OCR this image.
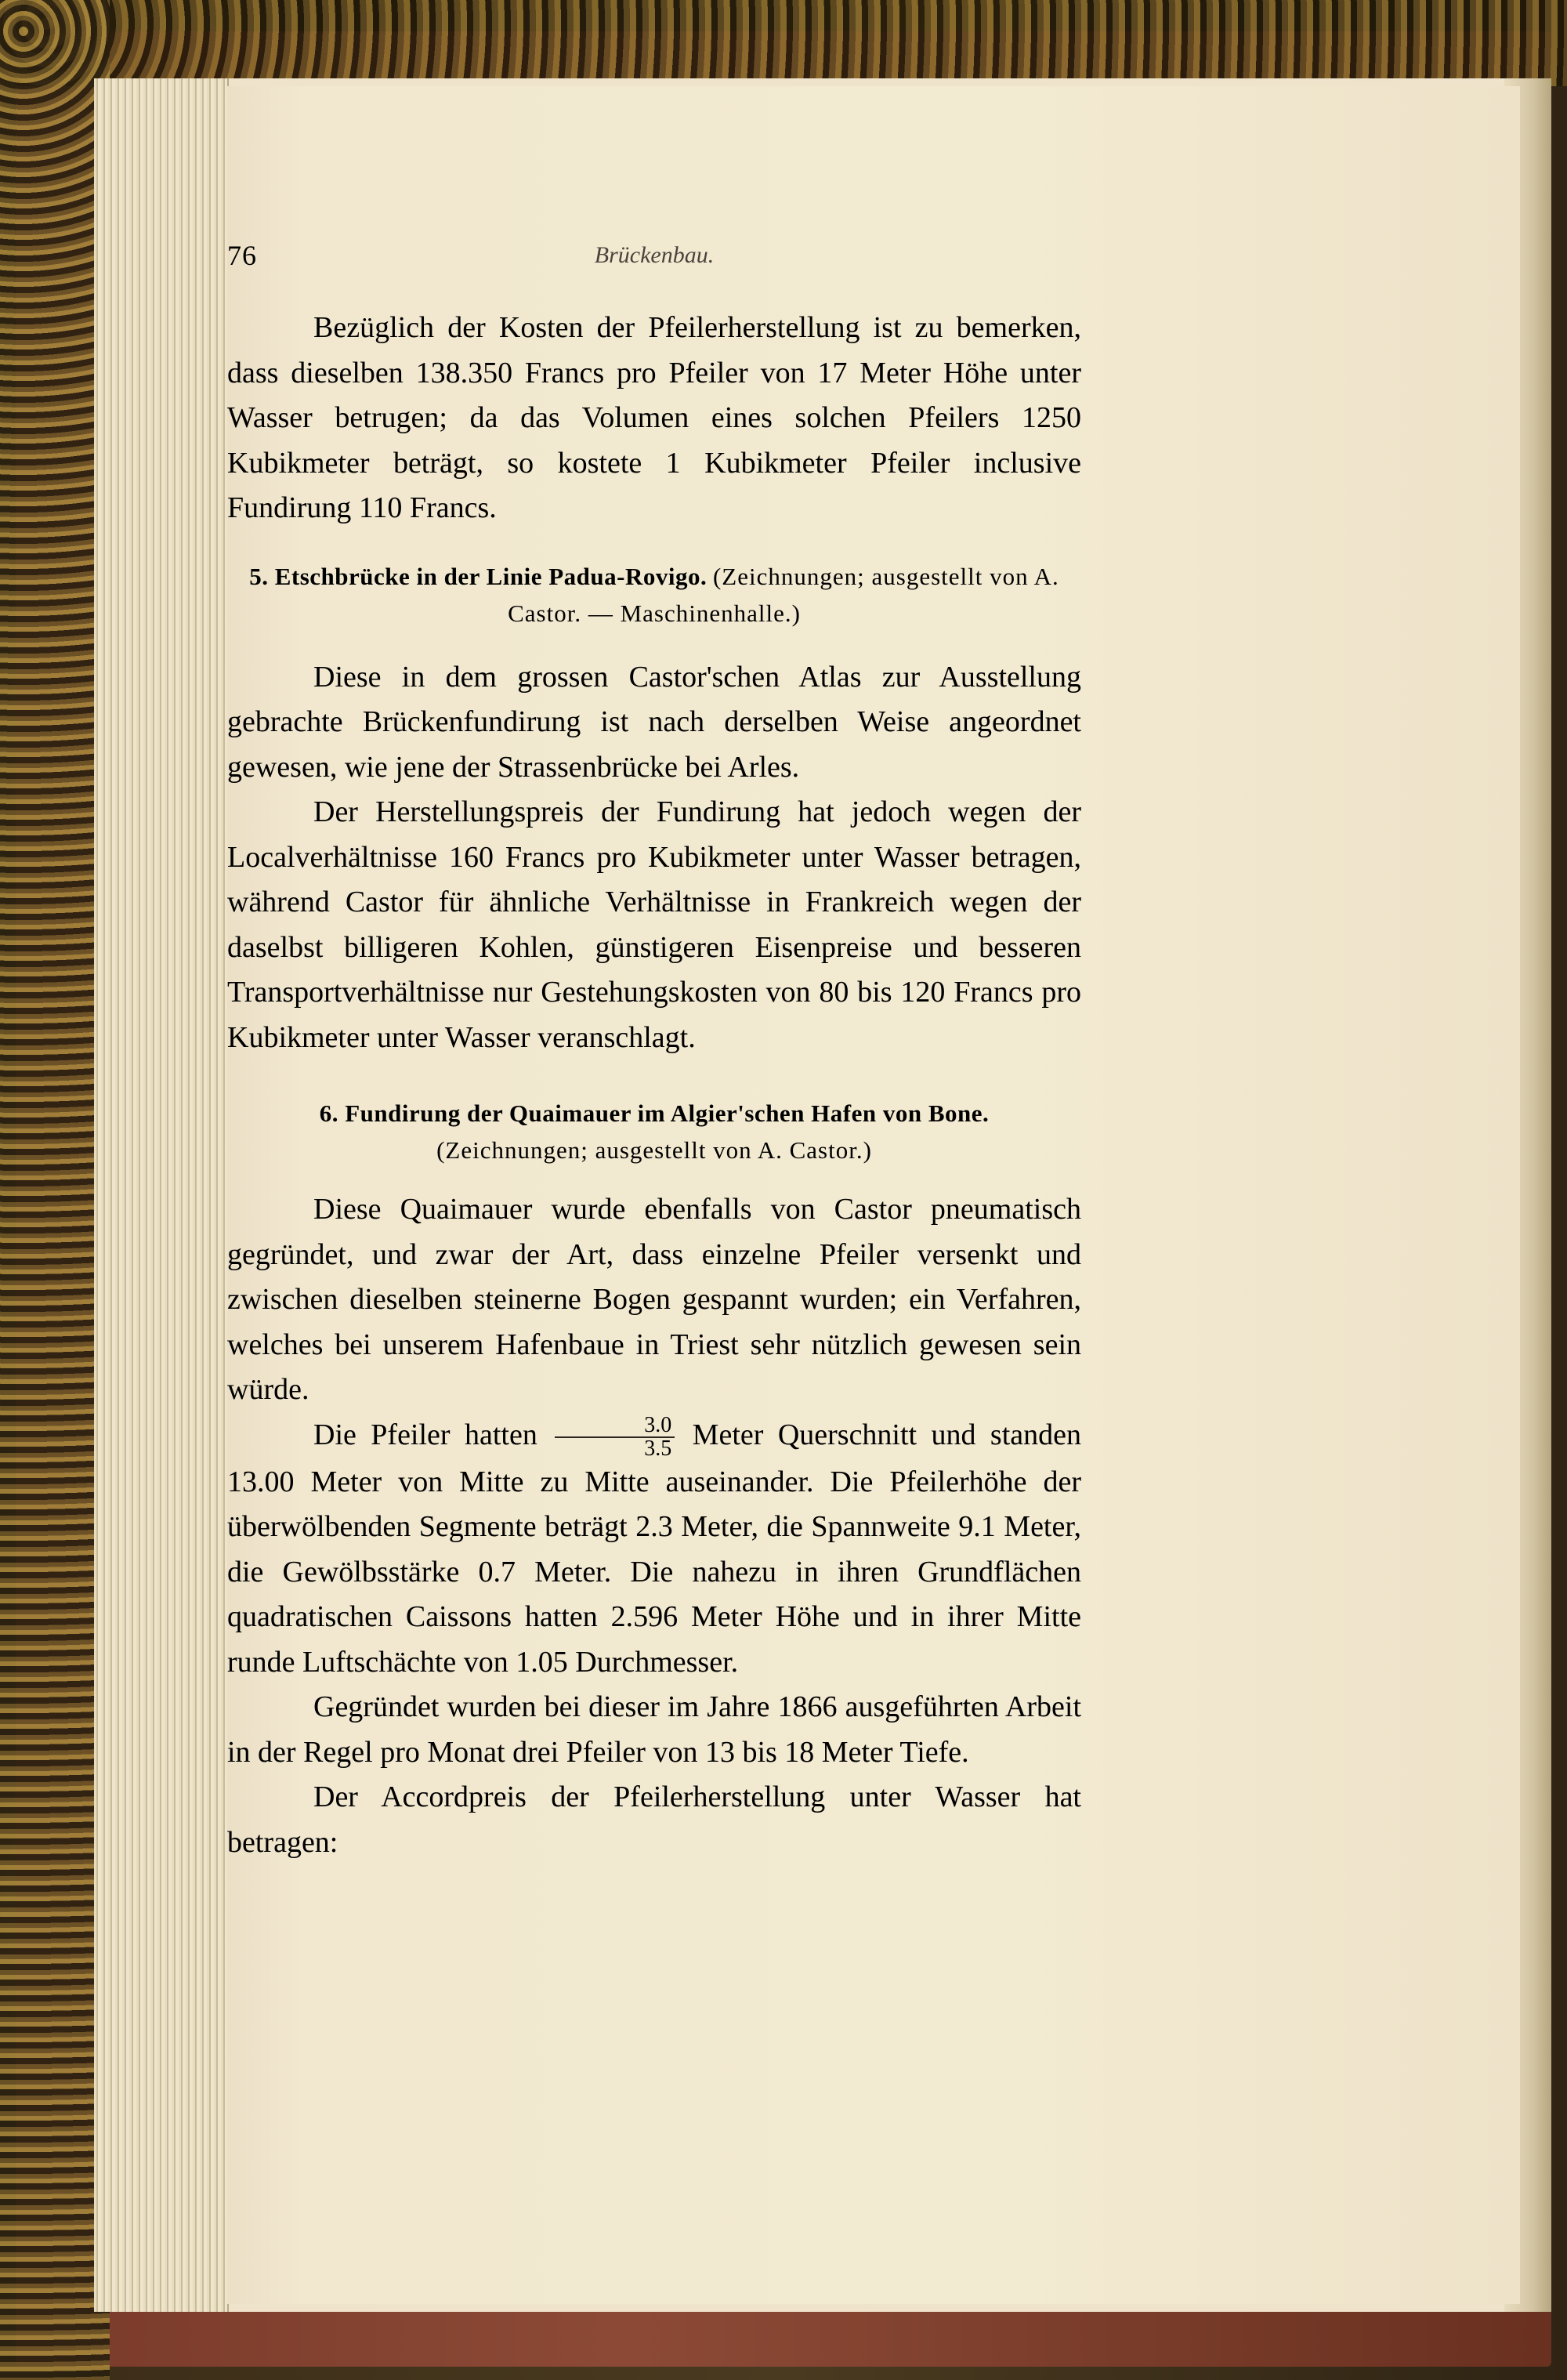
76	Brückenbau.

Bezüglich der Kosten der Pfeilerherstellung ist zu bemerken, dass dieselben 138.350 Francs pro Pfeiler von 17 Meter Höhe unter Wasser betrugen; da das Volumen eines solchen Pfeilers 1250 Kubikmeter beträgt, so kostete 1 Kubikmeter Pfeiler inclusive Fundirung 110 Francs.

5. Etschbrücke in der Linie Padua-Rovigo. (Zeichnungen; ausgestellt von A. Castor. — Maschinenhalle.)

Diese in dem grossen Castor'schen Atlas zur Ausstellung gebrachte Brückenfundirung ist nach derselben Weise angeordnet gewesen, wie jene der Strassenbrücke bei Arles.

Der Herstellungspreis der Fundirung hat jedoch wegen der Localverhältnisse 160 Francs pro Kubikmeter unter Wasser betragen, während Castor für ähnliche Verhältnisse in Frankreich wegen der daselbst billigeren Kohlen, günstigeren Eisenpreise und besseren Transportverhältnisse nur Gestehungskosten von 80 bis 120 Francs pro Kubikmeter unter Wasser veranschlagt.

6. Fundirung der Quaimauer im Algier'schen Hafen von Bone.
(Zeichnungen; ausgestellt von A. Castor.)

Diese Quaimauer wurde ebenfalls von Castor pneumatisch gegründet, und zwar der Art, dass einzelne Pfeiler versenkt und zwischen dieselben steinerne Bogen gespannt wurden; ein Verfahren, welches bei unserem Hafenbaue in Triest sehr nützlich gewesen sein würde.

Die Pfeiler hatten $\frac{3.0}{3.5}$ Meter Querschnitt und standen 13.00 Meter von Mitte zu Mitte auseinander. Die Pfeilerhöhe der überwölbenden Segmente beträgt 2.3 Meter, die Spannweite 9.1 Meter, die Gewölbsstärke 0.7 Meter. Die nahezu in ihren Grundflächen quadratischen Caissons hatten 2.596 Meter Höhe und in ihrer Mitte runde Luftschächte von 1.05 Durchmesser.

Gegründet wurden bei dieser im Jahre 1866 ausgeführten Arbeit in der Regel pro Monat drei Pfeiler von 13 bis 18 Meter Tiefe.

Der Accordpreis der Pfeilerherstellung unter Wasser hat betragen:
